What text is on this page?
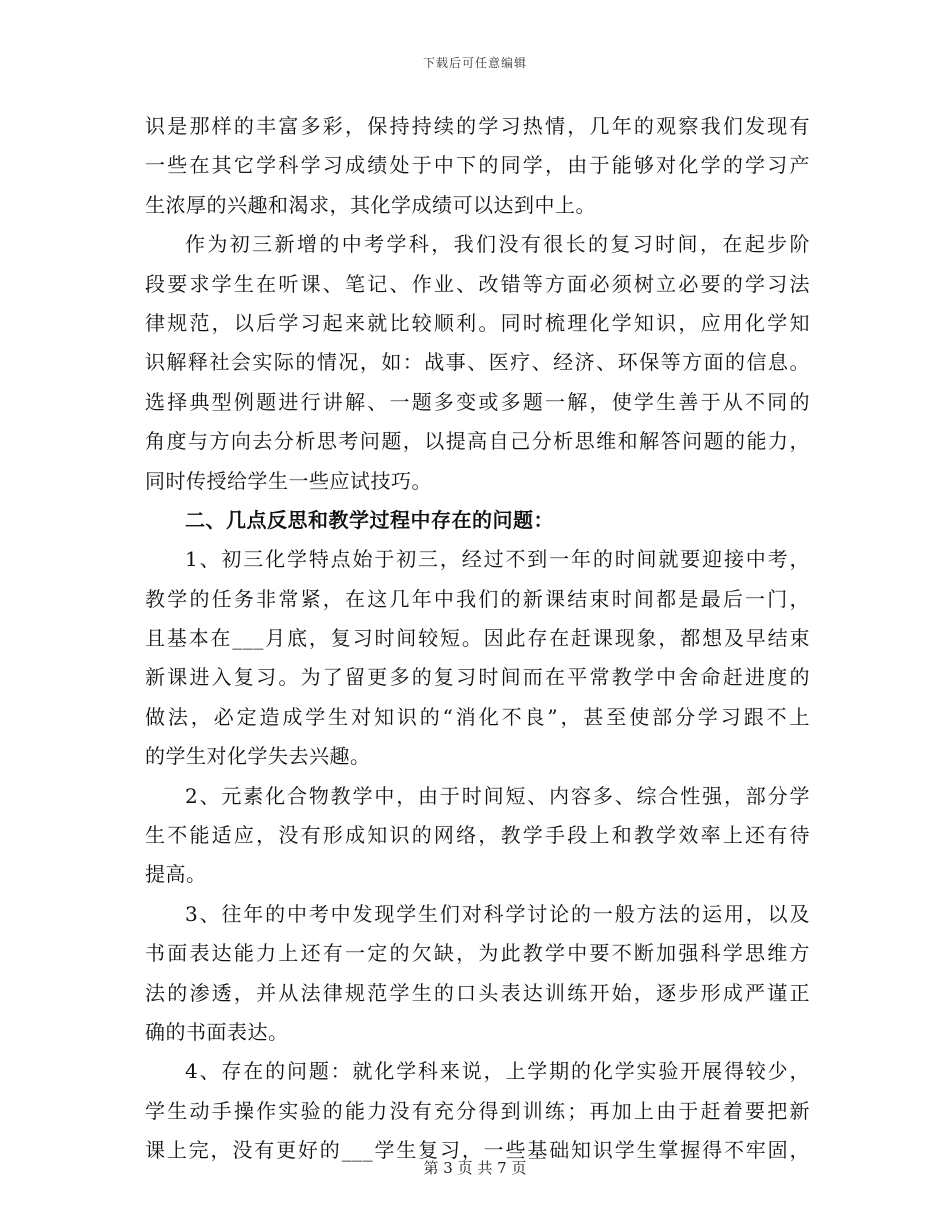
下载后可任意编辑
识是那样的丰富多彩，保持持续的学习热情，几年的观察我们发现有
一些在其它学科学习成绩处于中下的同学，由于能够对化学的学习产
生浓厚的兴趣和渴求，其化学成绩可以达到中上。
作为初三新增的中考学科，我们没有很长的复习时间，在起步阶
段要求学生在听课、笔记、作业、改错等方面必须树立必要的学习法
律规范，以后学习起来就比较顺利。同时梳理化学知识，应用化学知
识解释社会实际的情况，如：战事、医疗、经济、环保等方面的信息。
选择典型例题进行讲解、一题多变或多题一解，使学生善于从不同的
角度与方向去分析思考问题，以提高自己分析思维和解答问题的能力，
同时传授给学生一些应试技巧。
二、几点反思和教学过程中存在的问题：
1、初三化学特点始于初三，经过不到一年的时间就要迎接中考，
教学的任务非常紧，在这几年中我们的新课结束时间都是最后一门，
且基本在___月底，复习时间较短。因此存在赶课现象，都想及早结束
新课进入复习。为了留更多的复习时间而在平常教学中舍命赶进度的
做法，必定造成学生对知识的“消化不良”，甚至使部分学习跟不上
的学生对化学失去兴趣。
2、元素化合物教学中，由于时间短、内容多、综合性强，部分学
生不能适应，没有形成知识的网络，教学手段上和教学效率上还有待
提高。
3、往年的中考中发现学生们对科学讨论的一般方法的运用，以及
书面表达能力上还有一定的欠缺，为此教学中要不断加强科学思维方
法的渗透，并从法律规范学生的口头表达训练开始，逐步形成严谨正
确的书面表达。
4、存在的问题：就化学科来说，上学期的化学实验开展得较少，
学生动手操作实验的能力没有充分得到训练；再加上由于赶着要把新
课上完，没有更好的___学生复习，一些基础知识学生掌握得不牢固，
第 3 页 共 7 页
